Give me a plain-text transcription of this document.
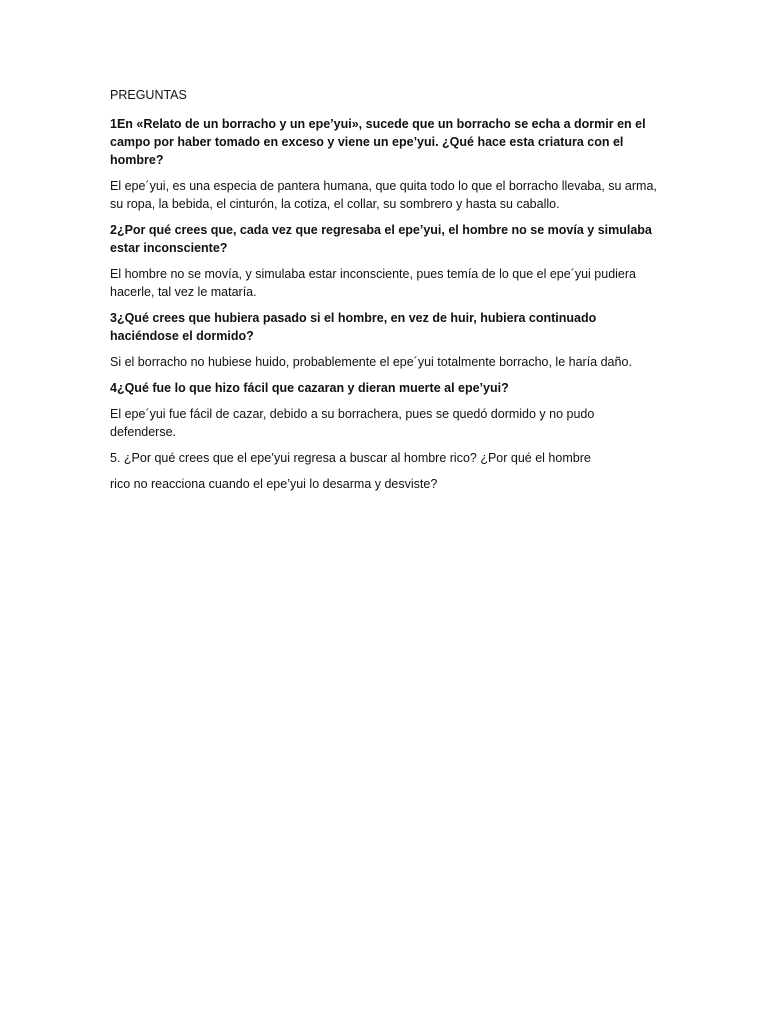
PREGUNTAS

1En «Relato de un borracho y un epe’yui», sucede que un borracho se echa a dormir en el campo por haber tomado en exceso y viene un epe’yui. ¿Qué hace esta criatura con el hombre?

El epe´yui, es una especia de pantera humana, que quita todo lo que el borracho llevaba, su arma, su ropa, la bebida, el cinturón, la cotiza, el collar, su sombrero y hasta su caballo.

2¿Por qué crees que, cada vez que regresaba el epe’yui, el hombre no se movía y simulaba estar inconsciente?

El hombre no se movía, y simulaba estar inconsciente, pues temía de lo que el epe´yui pudiera hacerle, tal vez le mataría.

3¿Qué crees que hubiera pasado si el hombre, en vez de huir, hubiera continuado haciéndose el dormido?

Si el borracho no hubiese huido, probablemente el epe´yui totalmente borracho, le haría daño.

4¿Qué fue lo que hizo fácil que cazaran y dieran muerte al epe’yui?

El epe´yui fue fácil de cazar, debido a su borrachera, pues se quedó dormido y no pudo defenderse.

5. ¿Por qué crees que el epe’yui regresa a buscar al hombre rico? ¿Por qué el hombre

rico no reacciona cuando el epe’yui lo desarma y desviste?
